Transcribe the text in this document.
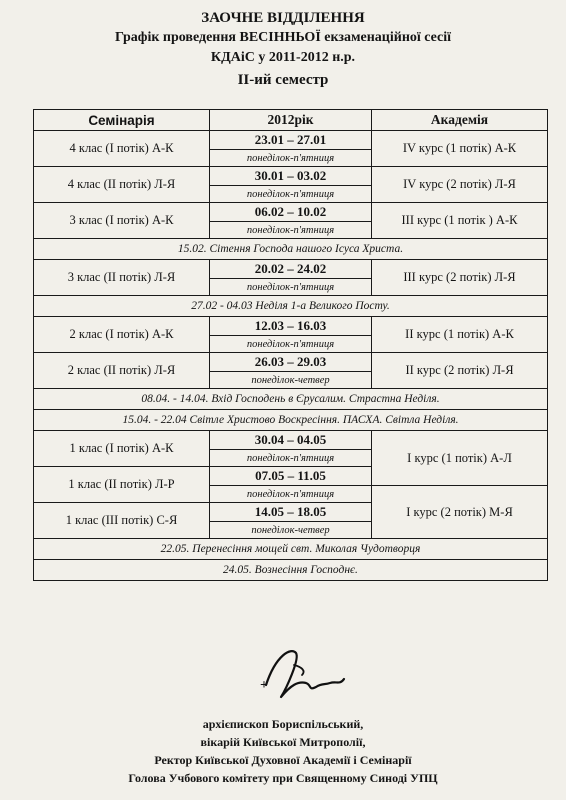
ЗАОЧНЕ ВІДДІЛЕННЯ
Графік проведення ВЕСІННЬОЇ екзаменаційної сесії
КДАіС у 2011-2012 н.р.
ІІ-ий семестр
Семінарія	2012рік	Академія
4 клас (І потік) А-К	23.01 – 27.01	IV курс (1 потік) А-К
	понеділок-п'ятниця	
4 клас (ІІ потік) Л-Я	30.01 – 03.02	IV курс (2 потік) Л-Я
	понеділок-п'ятниця	
3 клас (І потік) А-К	06.02 – 10.02	ІІІ курс (1 потік ) А-К
	понеділок-п'ятниця	
15.02. Сітення Господа нашого Ісуса Христа.		
3 клас (ІІ потік) Л-Я	20.02 – 24.02	ІІІ курс (2 потік) Л-Я
	понеділок-п'ятниця	
27.02 - 04.03 Неділя 1-а Великого Посту.		
2 клас (І потік) А-К	12.03 – 16.03	ІІ курс (1 потік) А-К
	понеділок-п'ятниця	
2 клас (ІІ потік) Л-Я	26.03 – 29.03	ІІ курс (2 потік) Л-Я
	понеділок-четвер	
08.04. - 14.04. Вхід Господень в Єрусалим. Страстна Неділя.		
15.04. - 22.04 Світле Христово Воскресіння. ПАСХА. Світла Неділя.		
1 клас (І потік) А-К	30.04 – 04.05	І курс (1 потік) А-Л
	понеділок-п'ятниця	
1 клас (ІІ потік) Л-Р	07.05 – 11.05	
	понеділок-п'ятниця	І курс (2 потік) М-Я
1 клас (ІІІ потік) С-Я	14.05 – 18.05	
	понеділок-четвер	
22.05. Перенесіння мощей свт. Миколая Чудотворця		
24.05. Вознесіння Господнє.		
+
архієпископ Бориспільський,
вікарій Київської Митрополії,
Ректор Київської Духовної Академії і Семінарії
Голова Учбового комітету при Священному Синоді УПЦ
